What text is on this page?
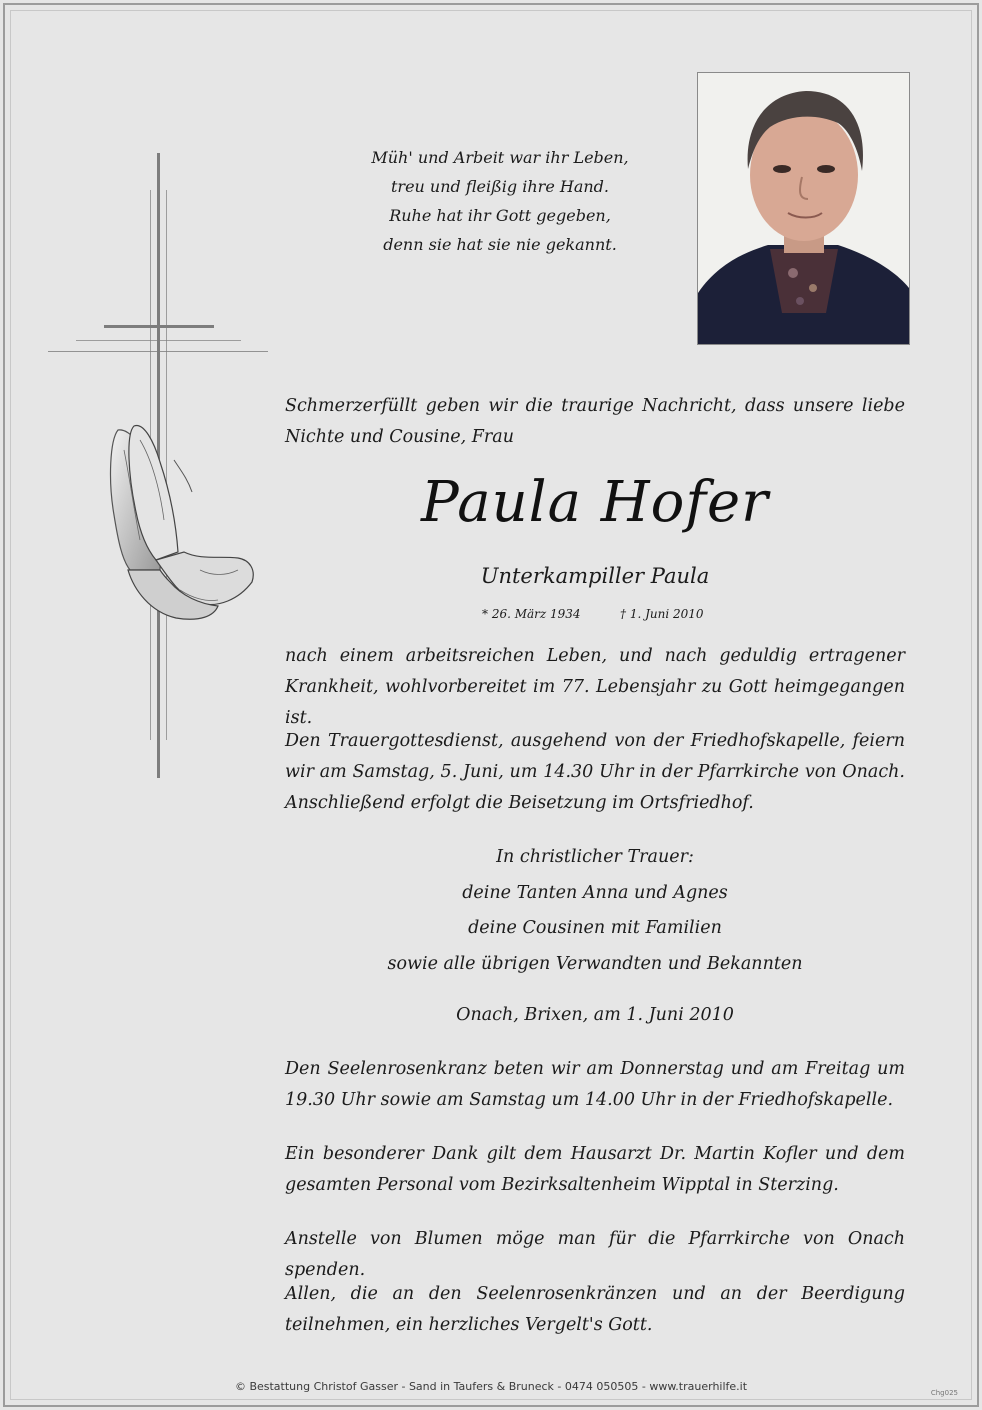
Müh' und Arbeit war ihr Leben,
treu und fleißig ihre Hand.
Ruhe hat ihr Gott gegeben,
denn sie hat sie nie gekannt.
Schmerzerfüllt geben wir die traurige Nachricht, dass unsere liebe Nichte und Cousine, Frau
Paula Hofer
Unterkampiller Paula
* 26. März 1934	† 1. Juni 2010
nach einem arbeitsreichen Leben, und nach geduldig ertragener Krankheit, wohlvorbereitet im 77. Lebensjahr zu Gott heimgegangen ist.
Den Trauergottesdienst, ausgehend von der Friedhofskapelle, feiern wir am Samstag, 5. Juni, um 14.30 Uhr in der Pfarrkirche von Onach. Anschließend erfolgt die Beisetzung im Ortsfriedhof.
In christlicher Trauer:
deine Tanten Anna und Agnes
deine Cousinen mit Familien
sowie alle übrigen Verwandten und Bekannten
Onach, Brixen, am 1. Juni 2010
Den Seelenrosenkranz beten wir am Donnerstag und am Freitag um 19.30 Uhr sowie am Samstag um 14.00 Uhr in der Friedhofskapelle.
Ein besonderer Dank gilt dem Hausarzt Dr. Martin Kofler und dem gesamten Personal vom Bezirksaltenheim Wipptal in Sterzing.
Anstelle von Blumen möge man für die Pfarrkirche von Onach spenden.
Allen, die an den Seelenrosenkränzen und an der Beerdigung teilnehmen, ein herzliches Vergelt's Gott.
© Bestattung Christof Gasser - Sand in Taufers & Bruneck - 0474 050505 - www.trauerhilfe.it	Chg025
